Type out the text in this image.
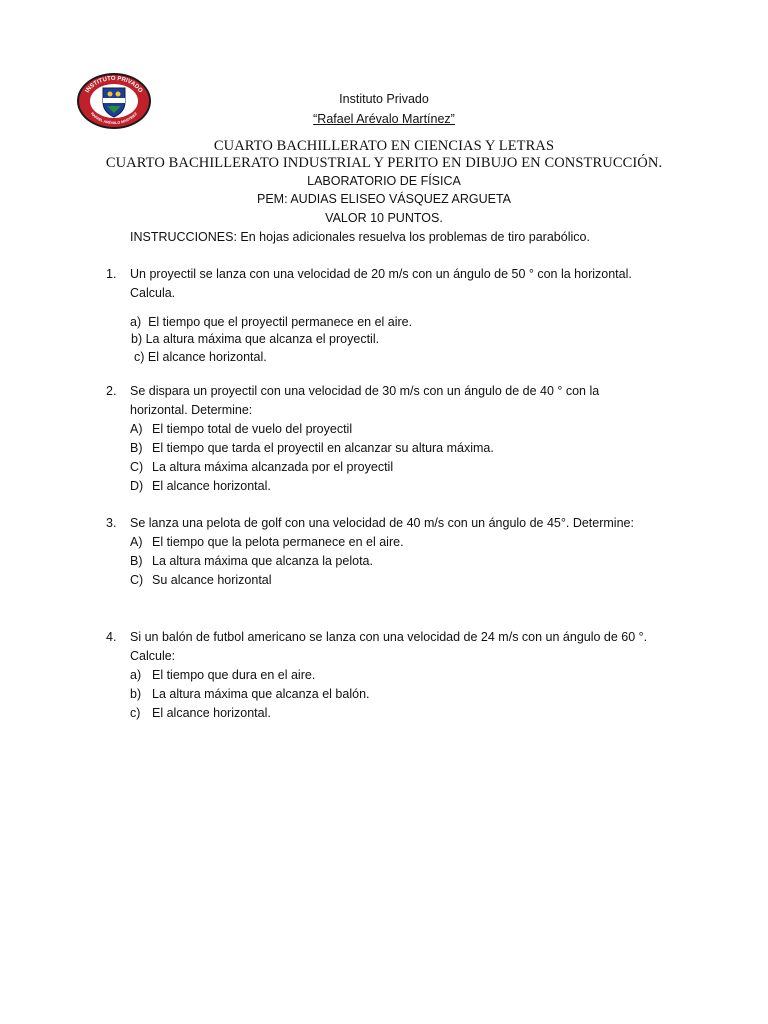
INSTITUTO PRIVADO
RAFAEL ARÉVALO MARTÍNEZ
Instituto Privado
“Rafael Arévalo Martínez”
CUARTO BACHILLERATO EN CIENCIAS Y LETRAS
CUARTO BACHILLERATO INDUSTRIAL Y PERITO EN DIBUJO EN CONSTRUCCIÓN.
LABORATORIO DE FÍSICA
PEM: AUDIAS ELISEO VÁSQUEZ ARGUETA
VALOR 10 PUNTOS.
INSTRUCCIONES: En hojas adicionales resuelva los problemas de tiro parabólico.
1. Un proyectil se lanza con una velocidad de 20 m/s con un ángulo de 50 ° con la horizontal.
Calcula.
a) El tiempo que el proyectil permanece en el aire.
b) La altura máxima que alcanza el proyectil.
c) El alcance horizontal.
2. Se dispara un proyectil con una velocidad de 30 m/s con un ángulo de de 40 ° con la
horizontal. Determine:
A) El tiempo total de vuelo del proyectil
B) El tiempo que tarda el proyectil en alcanzar su altura máxima.
C) La altura máxima alcanzada por el proyectil
D) El alcance horizontal.
3. Se lanza una pelota de golf con una velocidad de 40 m/s con un ángulo de 45°. Determine:
A) El tiempo que la pelota permanece en el aire.
B) La altura máxima que alcanza la pelota.
C) Su alcance horizontal
4. Si un balón de futbol americano se lanza con una velocidad de 24 m/s con un ángulo de 60 °.
Calcule:
a) El tiempo que dura en el aire.
b) La altura máxima que alcanza el balón.
c) El alcance horizontal.
